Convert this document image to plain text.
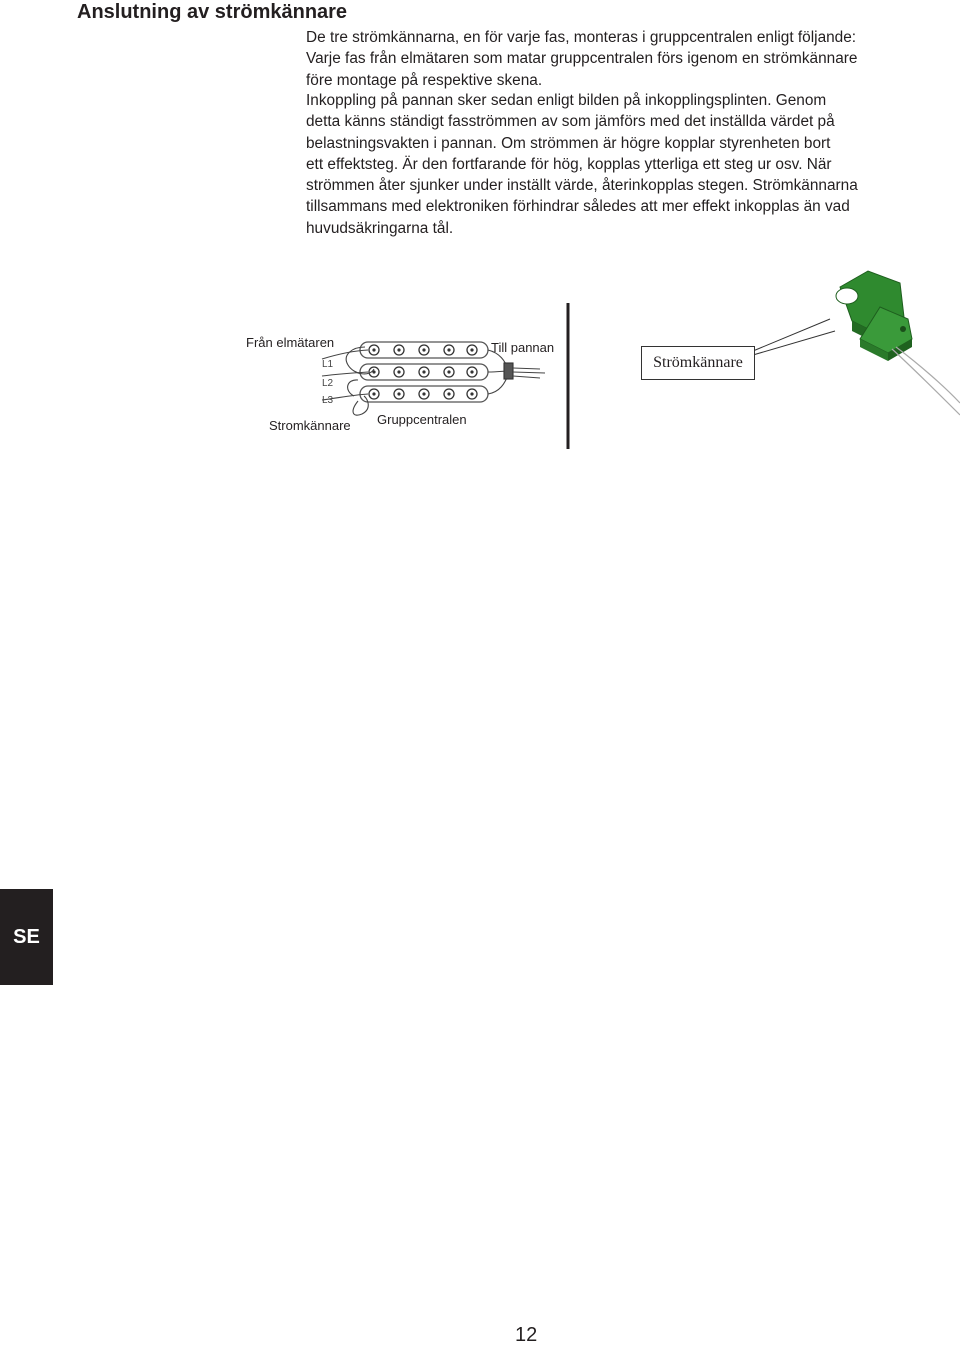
Anslutning av strömkännare
De tre strömkännarna, en för varje fas, monteras i gruppcentralen enligt följande:
Varje fas från elmätaren som matar gruppcentralen förs igenom en strömkännare
före montage på respektive skena.
Inkoppling på pannan sker sedan enligt bilden på inkopplingsplinten. Genom
detta känns ständigt fasströmmen av som jämförs med det inställda värdet på
belastningsvakten i pannan. Om strömmen är högre kopplar styrenheten bort
ett effektsteg. Är den fortfarande för hög, kopplas ytterliga ett steg ur osv. När
strömmen åter sjunker under inställt värde, återinkopplas stegen. Strömkännarna
tillsammans med elektroniken förhindrar således att mer effekt inkopplas än vad
huvudsäkringarna tål.
L1
L2
L3
Från elmätaren	Till pannan
Stromkännare Gruppcentralen
Strömkännare
SE
12
